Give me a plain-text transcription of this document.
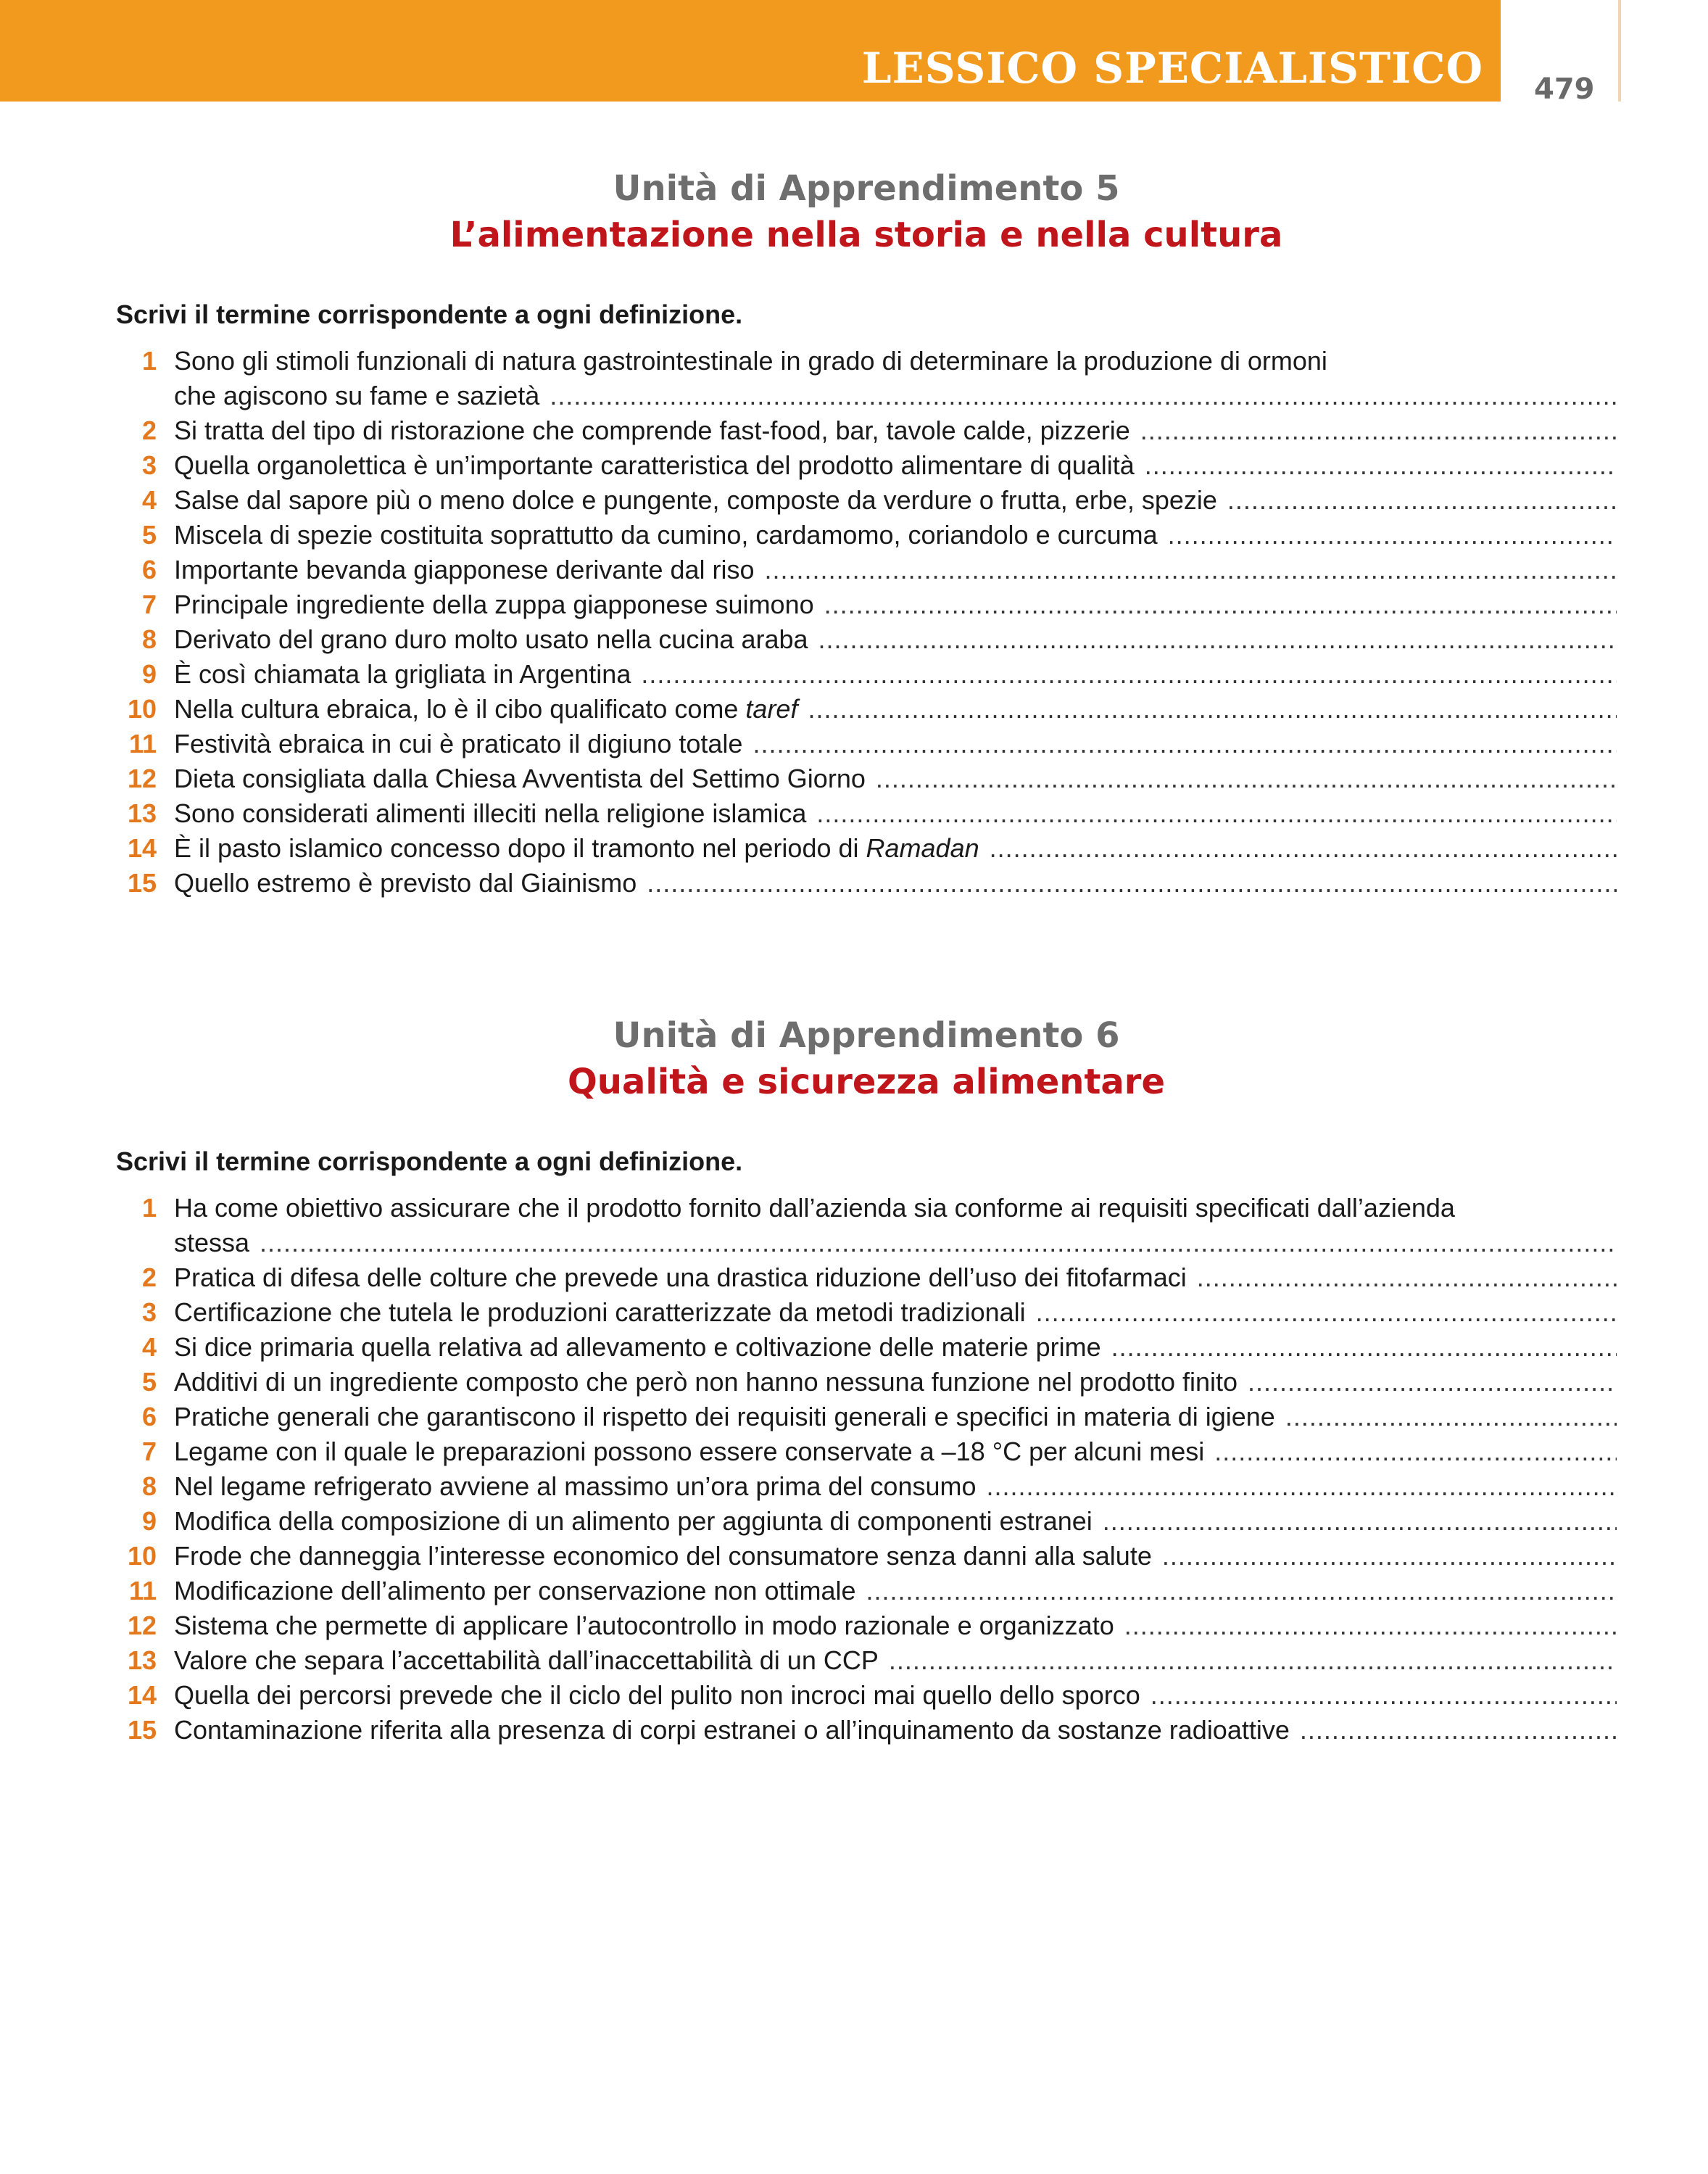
LESSICO SPECIALISTICO 479
Unità di Apprendimento 5
L’alimentazione nella storia e nella cultura
Scrivi il termine corrispondente a ogni definizione.
1 Sono gli stimoli funzionali di natura gastrointestinale in grado di determinare la produzione di ormoni
che agiscono su fame e sazietà
.....
2 Si tratta del tipo di ristorazione che comprende fast-food, bar, tavole calde, pizzerie
.....
3 Quella organolettica è un’importante caratteristica del prodotto alimentare di qualità
.....
4 Salse dal sapore più o meno dolce e pungente, composte da verdure o frutta, erbe, spezie
.....
5 Miscela di spezie costituita soprattutto da cumino, cardamomo, coriandolo e curcuma
.....
6 Importante bevanda giapponese derivante dal riso
.....
7 Principale ingrediente della zuppa giapponese suimono
.....
8 Derivato del grano duro molto usato nella cucina araba
.....
9 È così chiamata la grigliata in Argentina
.....
10 Nella cultura ebraica, lo è il cibo qualificato come
taref
.....
11 Festività ebraica in cui è praticato il digiuno totale
.....
12 Dieta consigliata dalla Chiesa Avventista del Settimo Giorno
.....
13 Sono considerati alimenti illeciti nella religione islamica
.....
14 È il pasto islamico concesso dopo il tramonto nel periodo di
Ramadan
.....
15 Quello estremo è previsto dal Giainismo
.....
Unità di Apprendimento 6
Qualità e sicurezza alimentare
Scrivi il termine corrispondente a ogni definizione.
1 Ha come obiettivo assicurare che il prodotto fornito dall’azienda sia conforme ai requisiti specificati dall’azienda
stessa
.....
2 Pratica di difesa delle colture che prevede una drastica riduzione dell’uso dei fitofarmaci
.....
3 Certificazione che tutela le produzioni caratterizzate da metodi tradizionali
.....
4 Si dice primaria quella relativa ad allevamento e coltivazione delle materie prime
.....
5 Additivi di un ingrediente composto che però non hanno nessuna funzione nel prodotto finito
.....
6 Pratiche generali che garantiscono il rispetto dei requisiti generali e specifici in materia di igiene
.....
7 Legame con il quale le preparazioni possono essere conservate a –18 °C per alcuni mesi
.....
8 Nel legame refrigerato avviene al massimo un’ora prima del consumo
.....
9 Modifica della composizione di un alimento per aggiunta di componenti estranei
.....
10 Frode che danneggia l’interesse economico del consumatore senza danni alla salute
.....
11 Modificazione dell’alimento per conservazione non ottimale
.....
12 Sistema che permette di applicare l’autocontrollo in modo razionale e organizzato
.....
13 Valore che separa l’accettabilità dall’inaccettabilità di un CCP
.....
14 Quella dei percorsi prevede che il ciclo del pulito non incroci mai quello dello sporco
.....
15 Contaminazione riferita alla presenza di corpi estranei o all’inquinamento da sostanze radioattive
.....
